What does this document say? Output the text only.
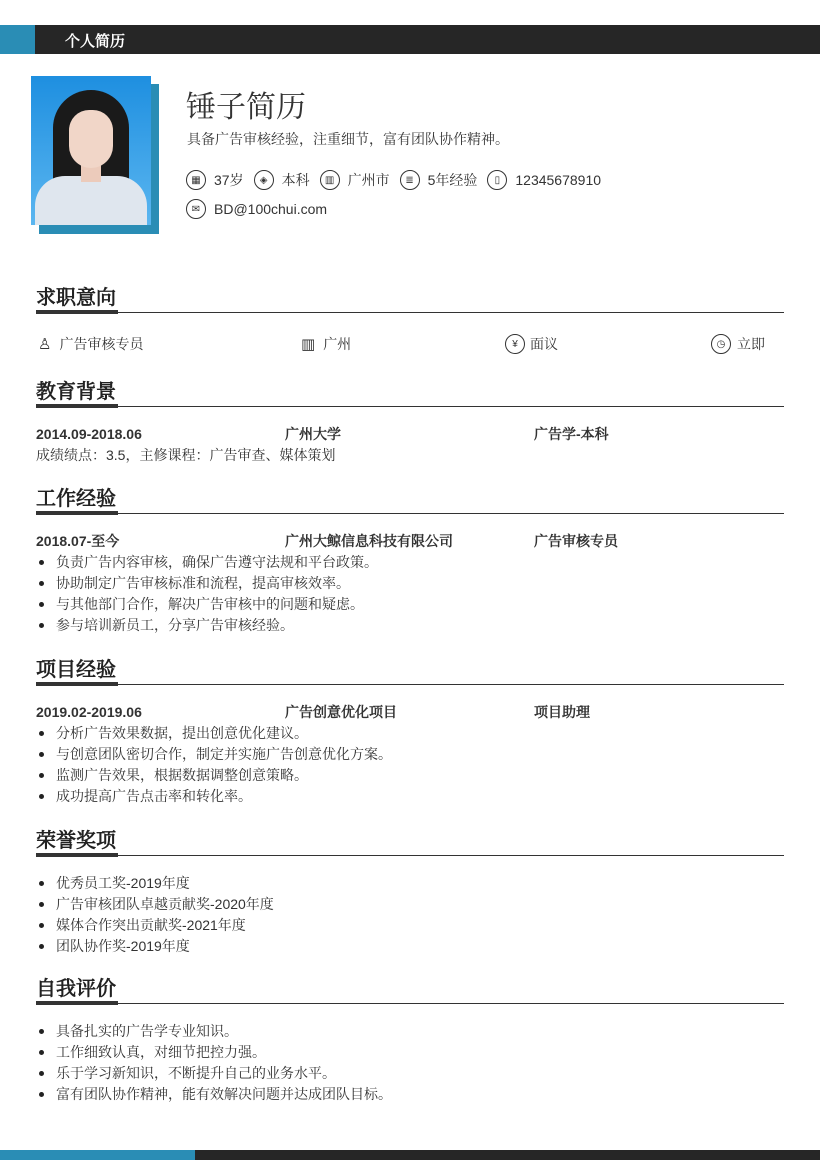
个人简历
锤子简历
具备广告审核经验，注重细节，富有团队协作精神。
▦ 37岁	◈	本科	▥ 广州市	≣ 5年经验	▯	12345678910
✉ BD@100chui.com
求职意向
♙ 广告审核专员	▥ 广州	¥ 面议	◷ 立即
教育背景
2014.09-2018.06	广州大学	广告学-本科
成绩绩点：3.5，主修课程：广告审查、媒体策划
工作经验
2018.07-至今	广州大鲸信息科技有限公司	广告审核专员
负责广告内容审核，确保广告遵守法规和平台政策。
协助制定广告审核标准和流程，提高审核效率。
与其他部门合作，解决广告审核中的问题和疑虑。
参与培训新员工，分享广告审核经验。
项目经验
2019.02-2019.06	广告创意优化项目	项目助理
分析广告效果数据，提出创意优化建议。
与创意团队密切合作，制定并实施广告创意优化方案。
监测广告效果，根据数据调整创意策略。
成功提高广告点击率和转化率。
荣誉奖项
优秀员工奖-2019年度
广告审核团队卓越贡献奖-2020年度
媒体合作突出贡献奖-2021年度
团队协作奖-2019年度
自我评价
具备扎实的广告学专业知识。
工作细致认真，对细节把控力强。
乐于学习新知识，不断提升自己的业务水平。
富有团队协作精神，能有效解决问题并达成团队目标。
